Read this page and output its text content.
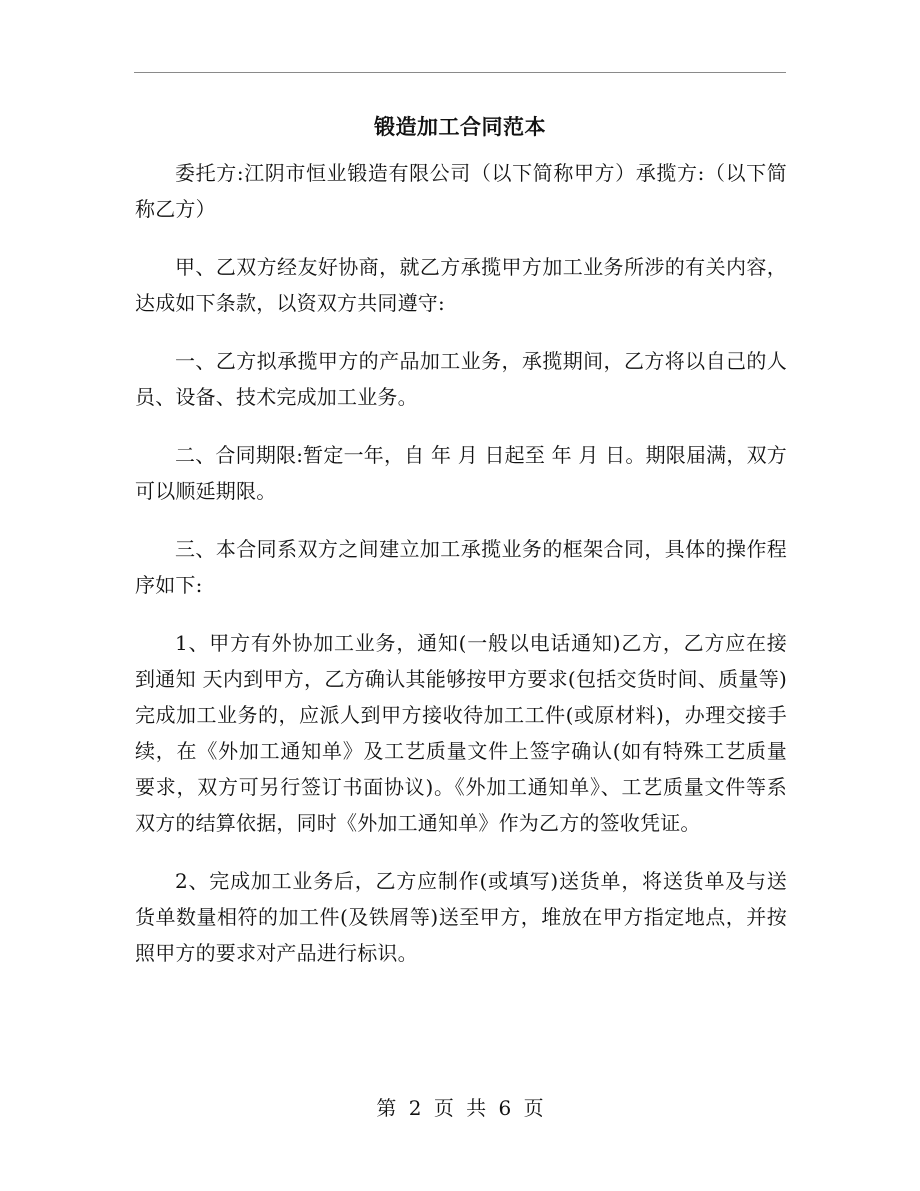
锻造加工合同范本

委托方:江阴市恒业锻造有限公司（以下简称甲方）承揽方:（以下简称乙方）

甲、乙双方经友好协商，就乙方承揽甲方加工业务所涉的有关内容，达成如下条款，以资双方共同遵守:

一、乙方拟承揽甲方的产品加工业务，承揽期间，乙方将以自己的人员、设备、技术完成加工业务。

二、合同期限:暂定一年，自 年 月 日起至 年 月 日。期限届满，双方可以顺延期限。

三、本合同系双方之间建立加工承揽业务的框架合同，具体的操作程序如下:

1、甲方有外协加工业务，通知(一般以电话通知)乙方，乙方应在接到通知 天内到甲方，乙方确认其能够按甲方要求(包括交货时间、质量等)完成加工业务的，应派人到甲方接收待加工工件(或原材料)，办理交接手续，在《外加工通知单》及工艺质量文件上签字确认(如有特殊工艺质量要求，双方可另行签订书面协议)。《外加工通知单》、工艺质量文件等系双方的结算依据，同时《外加工通知单》作为乙方的签收凭证。

2、完成加工业务后，乙方应制作(或填写)送货单，将送货单及与送货单数量相符的加工件(及铁屑等)送至甲方，堆放在甲方指定地点，并按照甲方的要求对产品进行标识。

第 2 页 共 6 页
